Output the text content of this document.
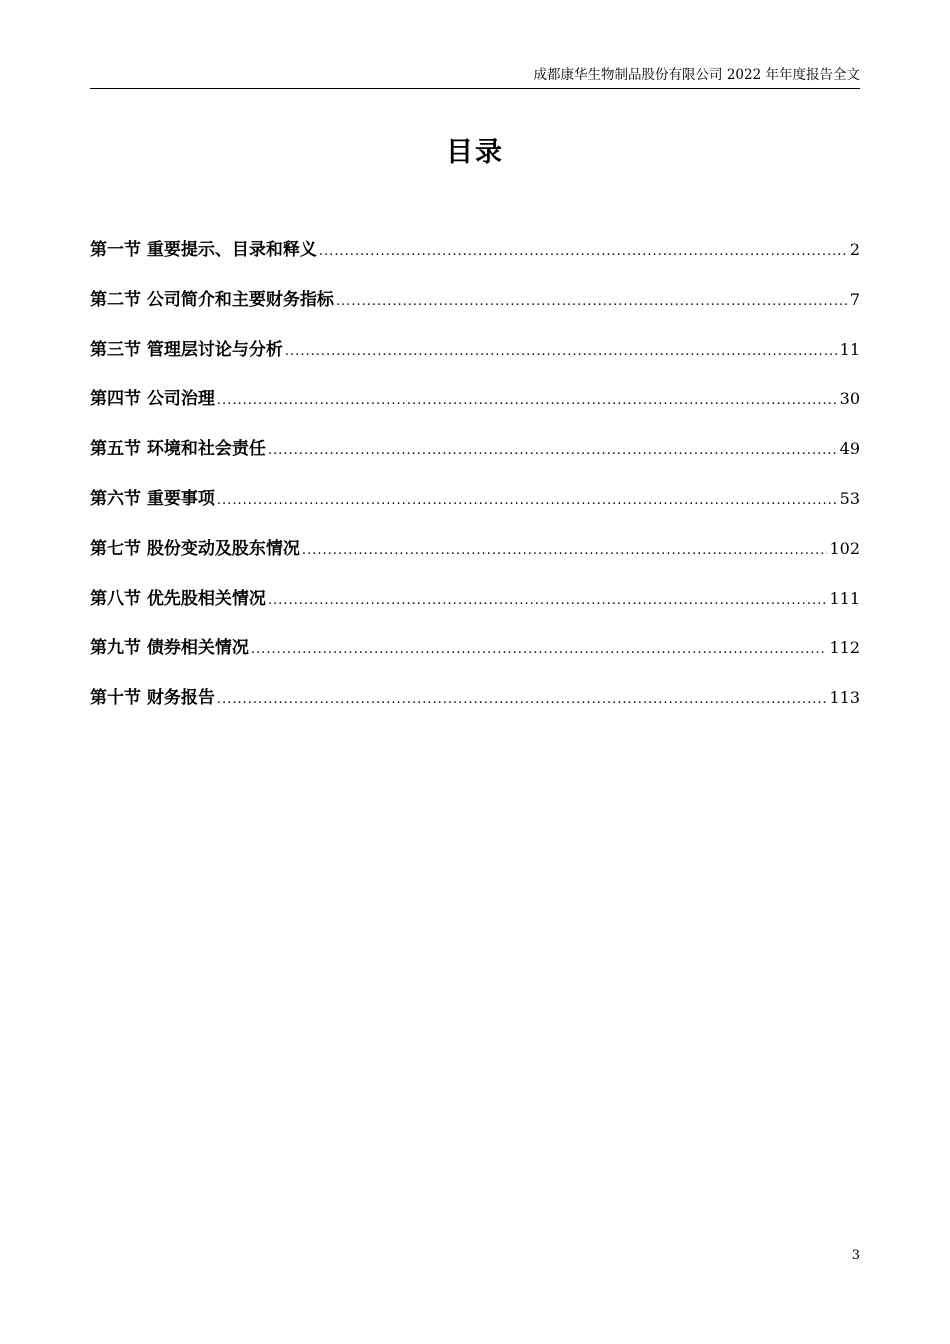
成都康华生物制品股份有限公司 2022 年年度报告全文
目录
第一节 重要提示、目录和释义 .....	2
第二节 公司简介和主要财务指标 .....	7
第三节 管理层讨论与分析 .....	11
第四节 公司治理 .....	30
第五节 环境和社会责任 .....	49
第六节 重要事项 .....	53
第七节 股份变动及股东情况 .....	102
第八节 优先股相关情况 .....	111
第九节 债券相关情况 .....	112
第十节 财务报告 .....	113
3
